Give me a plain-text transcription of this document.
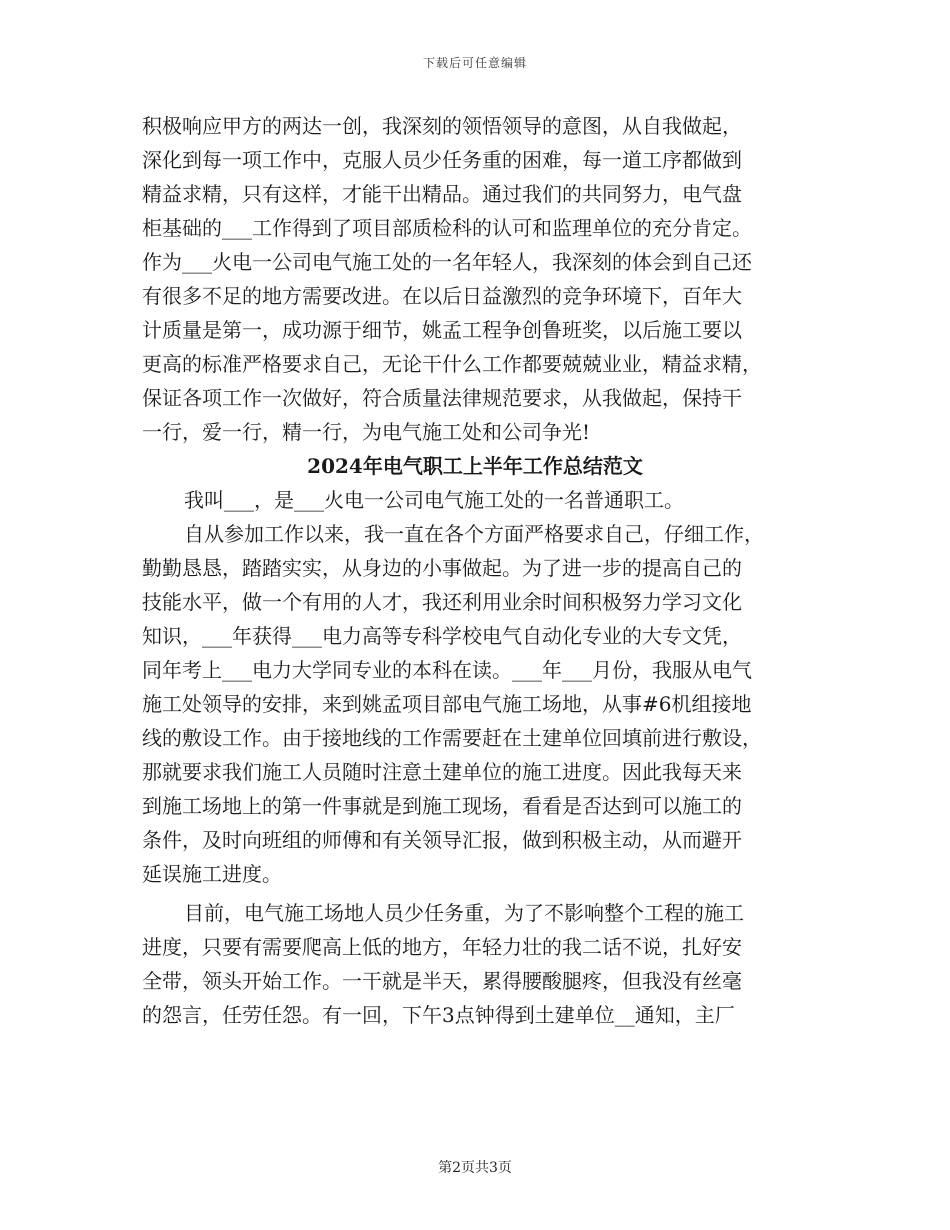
下载后可任意编辑
积极响应甲方的两达一创，我深刻的领悟领导的意图，从自我做起，
深化到每一项工作中，克服人员少任务重的困难，每一道工序都做到
精益求精，只有这样，才能干出精品。通过我们的共同努力，电气盘
柜基础的___工作得到了项目部质检科的认可和监理单位的充分肯定。
作为___火电一公司电气施工处的一名年轻人，我深刻的体会到自己还
有很多不足的地方需要改进。在以后日益激烈的竞争环境下，百年大
计质量是第一，成功源于细节，姚孟工程争创鲁班奖，以后施工要以
更高的标准严格要求自己，无论干什么工作都要兢兢业业，精益求精，
保证各项工作一次做好，符合质量法律规范要求，从我做起，保持干
一行，爱一行，精一行，为电气施工处和公司争光!
2024年电气职工上半年工作总结范文
我叫___，是___火电一公司电气施工处的一名普通职工。
自从参加工作以来，我一直在各个方面严格要求自己，仔细工作，
勤勤恳恳，踏踏实实，从身边的小事做起。为了进一步的提高自己的
技能水平，做一个有用的人才，我还利用业余时间积极努力学习文化
知识，___年获得___电力高等专科学校电气自动化专业的大专文凭，
同年考上___电力大学同专业的本科在读。___年___月份，我服从电气
施工处领导的安排，来到姚孟项目部电气施工场地，从事#6机组接地
线的敷设工作。由于接地线的工作需要赶在土建单位回填前进行敷设，
那就要求我们施工人员随时注意土建单位的施工进度。因此我每天来
到施工场地上的第一件事就是到施工现场，看看是否达到可以施工的
条件，及时向班组的师傅和有关领导汇报，做到积极主动，从而避开
延误施工进度。
目前，电气施工场地人员少任务重，为了不影响整个工程的施工
进度，只要有需要爬高上低的地方，年轻力壮的我二话不说，扎好安
全带，领头开始工作。一干就是半天，累得腰酸腿疼，但我没有丝毫
的怨言，任劳任怨。有一回，下午3点钟得到土建单位__通知，主厂
第2页共3页
